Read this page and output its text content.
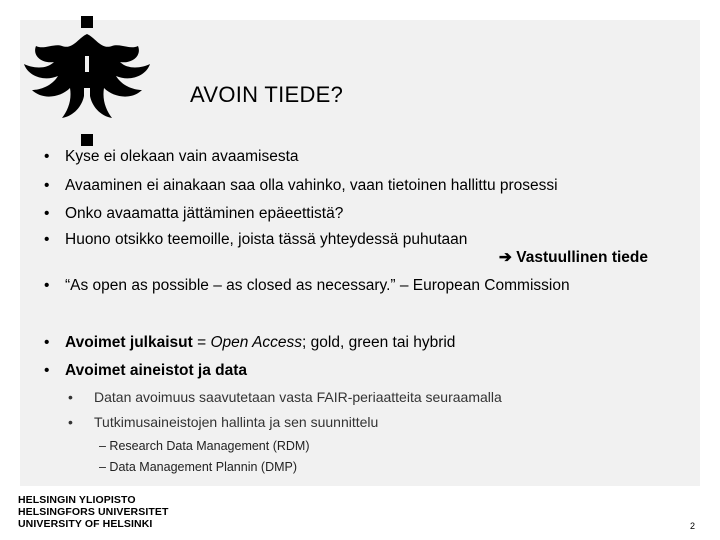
AVOIN TIEDE?
• Kyse ei olekaan vain avaamisesta
• Avaaminen ei ainakaan saa olla vahinko, vaan tietoinen hallittu prosessi
• Onko avaamatta jättäminen epäeettistä?
• Huono otsikko teemoille, joista tässä yhteydessä puhutaan
➔ Vastuullinen tiede
• “As open as possible – as closed as necessary.” – European Commission
• Avoimet julkaisut = Open Access; gold, green tai hybrid
• Avoimet aineistot ja data
• Datan avoimuus saavutetaan vasta FAIR-periaatteita seuraamalla
• Tutkimusaineistojen hallinta ja sen suunnittelu
– Research Data Management (RDM)
– Data Management Plannin (DMP)
HELSINGIN YLIOPISTO
HELSINGFORS UNIVERSITET
UNIVERSITY OF HELSINKI	2
